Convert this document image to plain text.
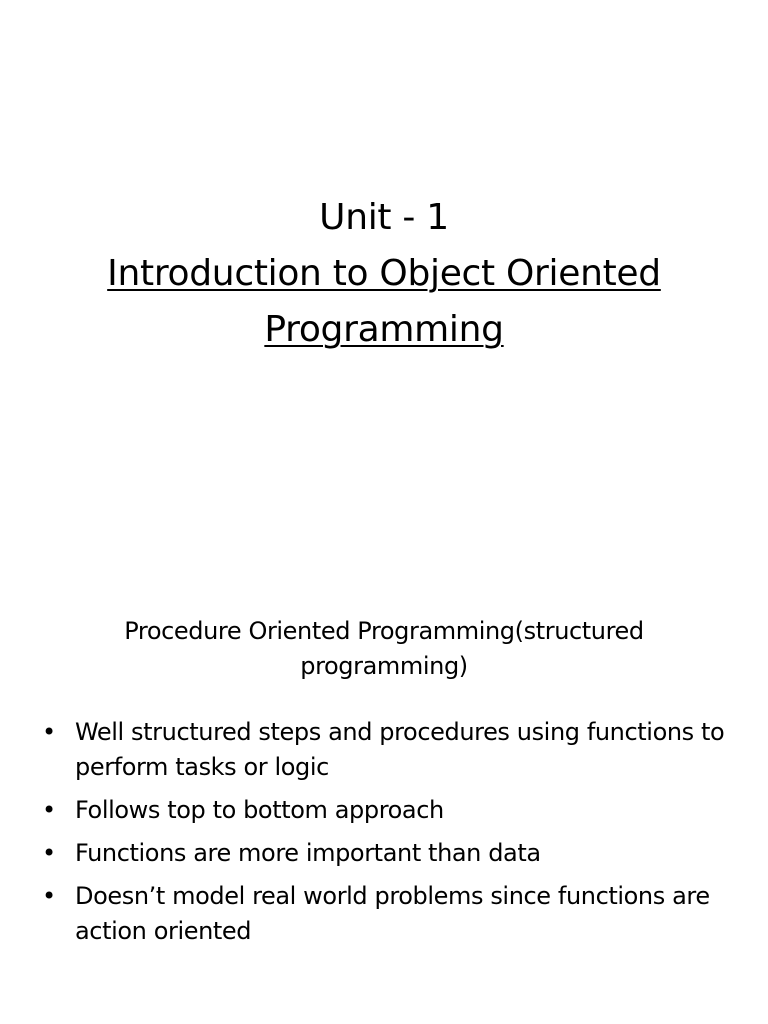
Unit - 1
Introduction to Object Oriented
Programming
Procedure Oriented Programming(structured programming)
• Well structured steps and procedures using functions to perform tasks or logic
• Follows top to bottom approach
• Functions are more important than data
• Doesn’t model real world problems since functions are action oriented
